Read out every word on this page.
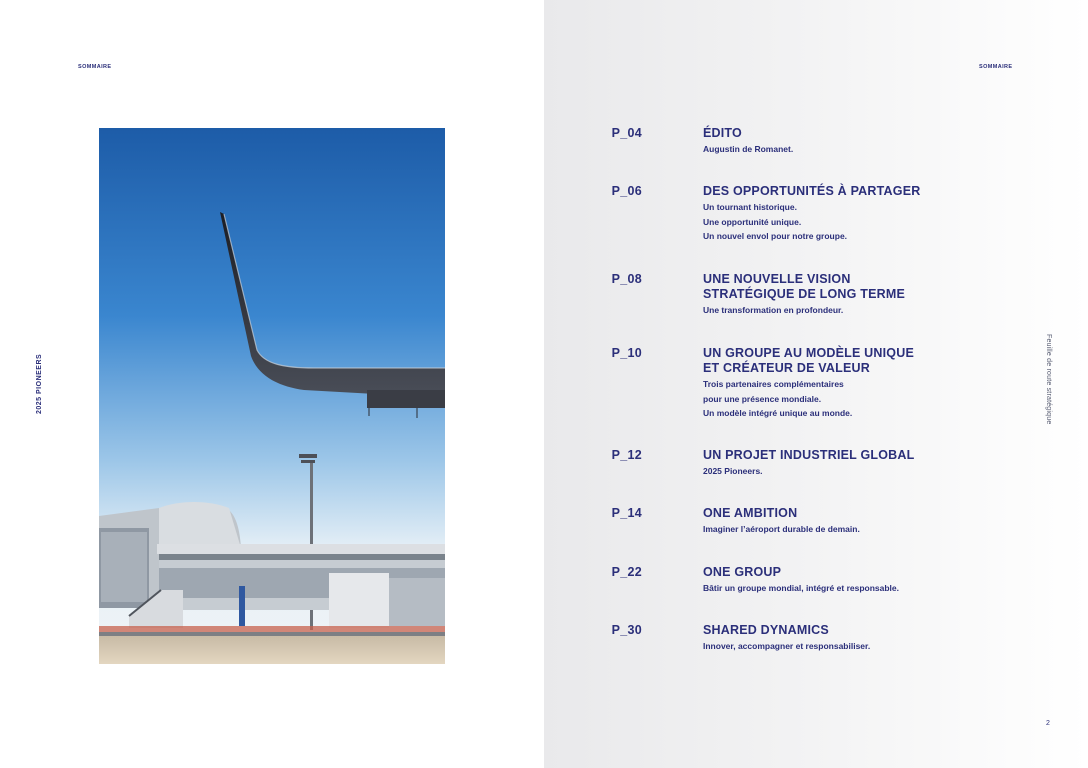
SOMMAIRE
2025 PIONEERS
SOMMAIRE
Feuille de route stratégique
P_04	ÉDITO
Augustin de Romanet.
P_06	DES OPPORTUNITÉS À PARTAGER
Un tournant historique.
Une opportunité unique.
Un nouvel envol pour notre groupe.
P_08	UNE NOUVELLE VISION
STRATÉGIQUE DE LONG TERME
Une transformation en profondeur.
P_10	UN GROUPE AU MODÈLE UNIQUE
ET CRÉATEUR DE VALEUR
Trois partenaires complémentaires
pour une présence mondiale.
Un modèle intégré unique au monde.
P_12	UN PROJET INDUSTRIEL GLOBAL
2025 Pioneers.
P_14	ONE AMBITION
Imaginer l’aéroport durable de demain.
P_22	ONE GROUP
Bâtir un groupe mondial, intégré et responsable.
P_30	SHARED DYNAMICS
Innover, accompagner et responsabiliser.
2
